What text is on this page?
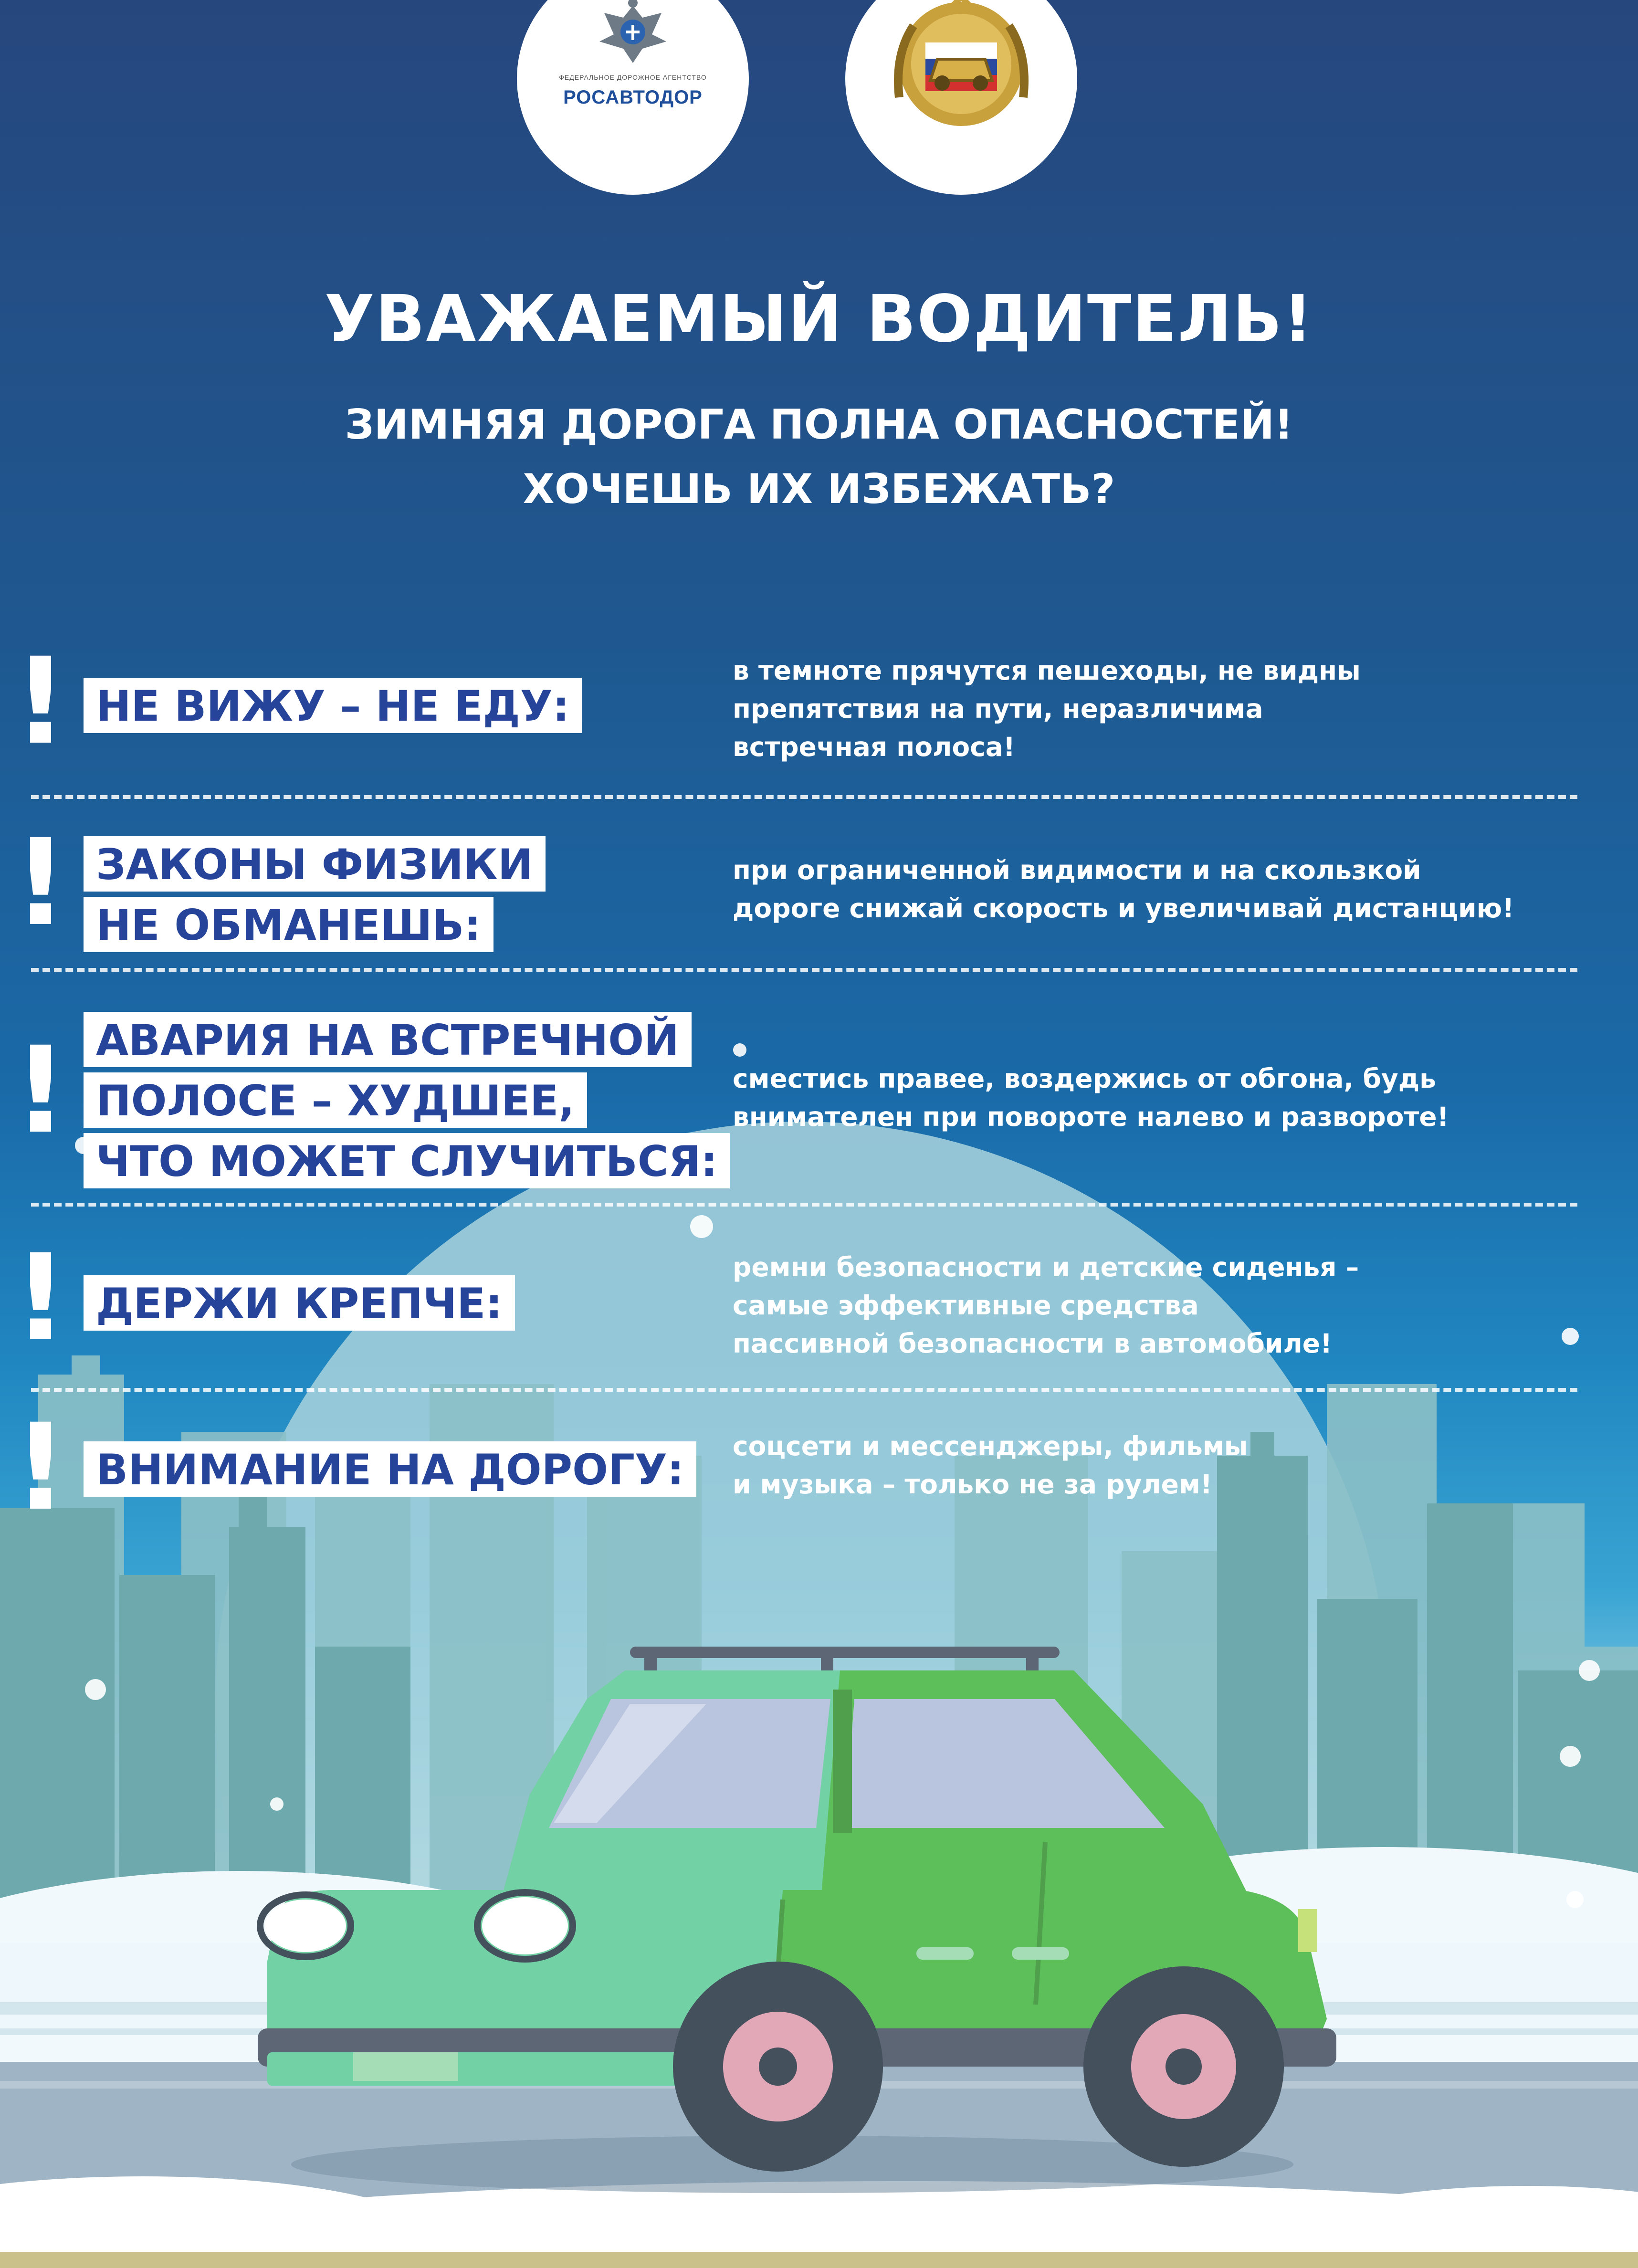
ФЕДЕРАЛЬНОЕ ДОРОЖНОЕ АГЕНТСТВО
РОСАВТОДОР
УВАЖАЕМЫЙ ВОДИТЕЛЬ!
ЗИМНЯЯ ДОРОГА ПОЛНА ОПАСНОСТЕЙ!
ХОЧЕШЬ ИХ ИЗБЕЖАТЬ?
! НЕ ВИЖУ – НЕ ЕДУ:
в темноте прячутся пешеходы, не видны
препятствия на пути, неразличима
встречная полоса!
! ЗАКОНЫ ФИЗИКИ
НЕ ОБМАНЕШЬ:
при ограниченной видимости и на скользкой
дороге снижай скорость и увеличивай дистанцию!
! АВАРИЯ НА ВСТРЕЧНОЙ
ПОЛОСЕ – ХУДШЕЕ,
ЧТО МОЖЕТ СЛУЧИТЬСЯ:
сместись правее, воздержись от обгона, будь
внимателен при повороте налево и развороте!
! ДЕРЖИ КРЕПЧЕ:
ремни безопасности и детские сиденья –
самые эффективные средства
пассивной безопасности в автомобиле!
! ВНИМАНИЕ НА ДОРОГУ:	соцсети и мессенджеры, фильмы
и музыка – только не за рулем!
